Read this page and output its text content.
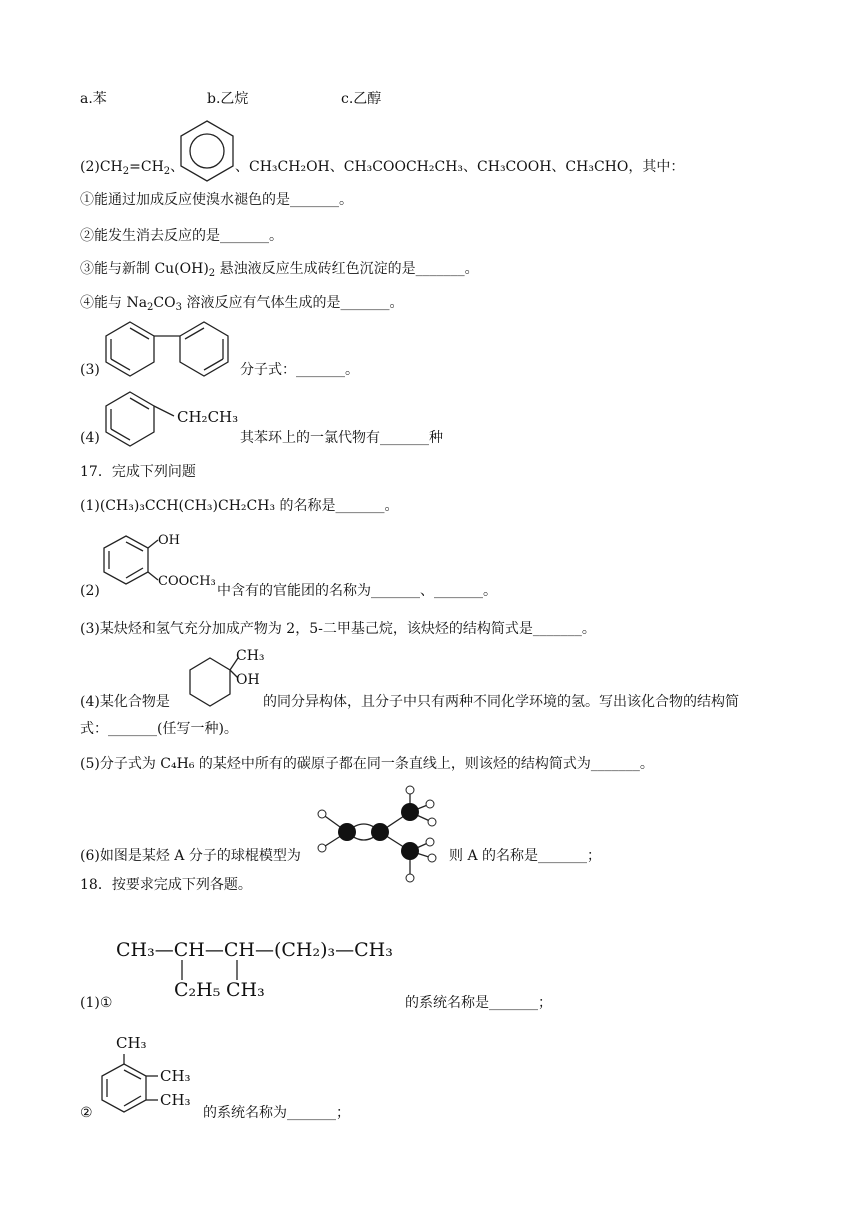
a.苯	b.乙烷	c.乙醇
$(2)CH_2=CH_2$、	、CH₃CH₂OH、CH₃COOCH₂CH₃、CH₃COOH、CH₃CHO，其中：
①能通过加成反应使溴水褪色的是_______。
②能发生消去反应的是_______。
③能与新制 $Cu(OH)_2$ 悬浊液反应生成砖红色沉淀的是_______。
④能与 $Na_2CO_3$ 溶液反应有气体生成的是_______。
(3)	分子式：_______。
(4)
CH₂CH₃
其苯环上的一氯代物有_______种
17．完成下列问题
(1)(CH₃)₃CCH(CH₃)CH₂CH₃ 的名称是_______。
(2)
OH
COOCH₃
中含有的官能团的名称为_______、_______。
(3)某炔烃和氢气充分加成产物为 2，5-二甲基己烷，该炔烃的结构简式是_______。
(4)某化合物是
CH₃
OH
的同分异构体，且分子中只有两种不同化学环境的氢。写出该化合物的结构简
式：_______(任写一种)。
(5)分子式为 C₄H₆ 的某烃中所有的碳原子都在同一条直线上，则该烃的结构简式为_______。
(6)如图是某烃 A 分子的球棍模型为	则 A 的名称是_______；
18．按要求完成下列各题。
CH₃—CH—CH—(CH₂)₃—CH₃
C₂H₅ CH₃
(1)①	的系统名称是_______；
CH₃
CH₃
CH₃
②	的系统名称为_______；
